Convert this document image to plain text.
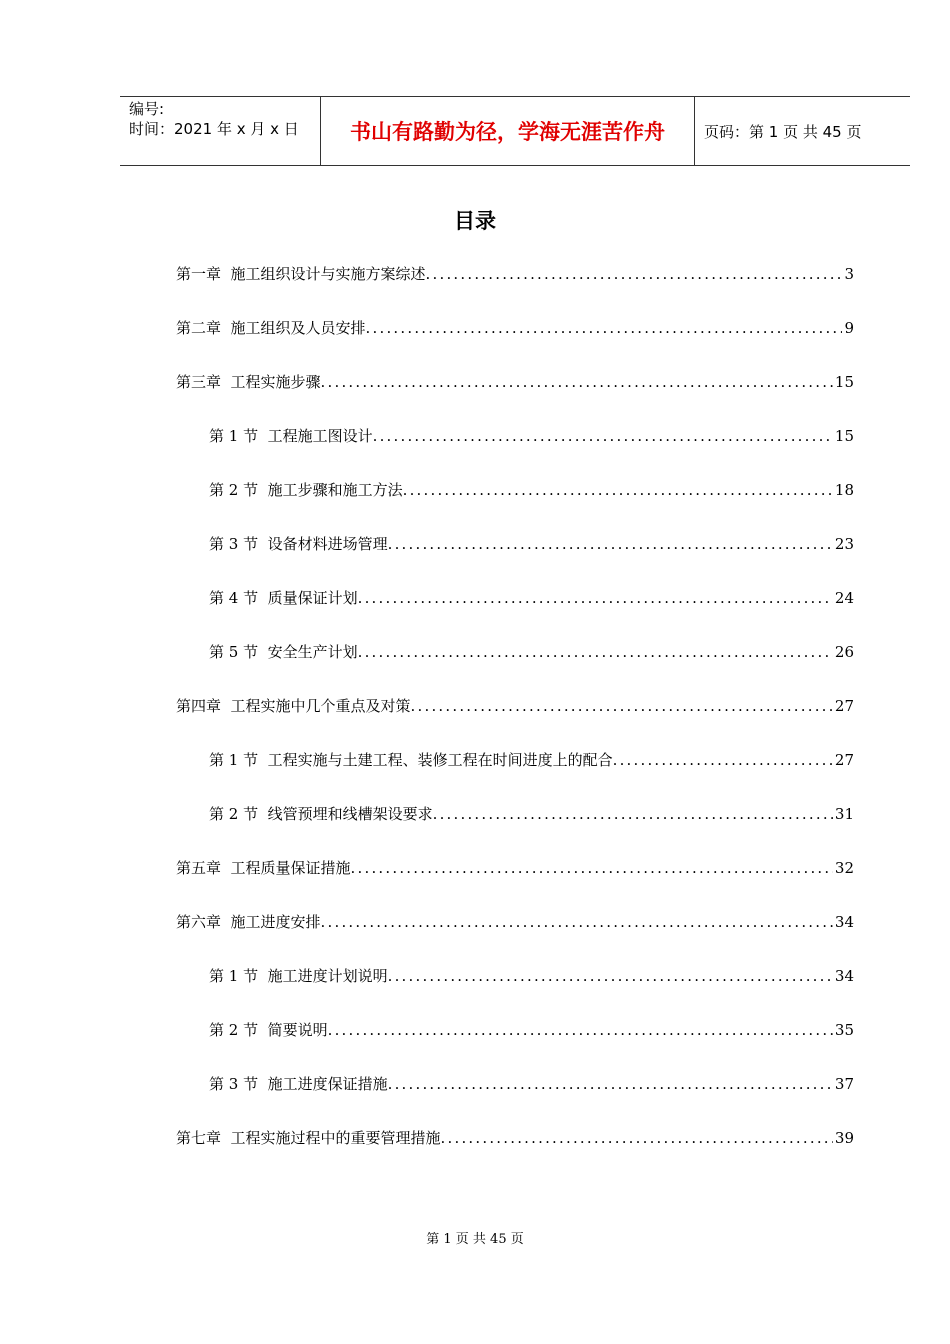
编号:
时间：2021 年 x 月 x 日	书山有路勤为径，学海无涯苦作舟	页码：第 1 页 共 45 页
目录
第一章  施工组织设计与实施方案综述 .....	3
第二章  施工组织及人员安排 .....	9
第三章  工程实施步骤 .....	15
第 1 节  工程施工图设计 .....	15
第 2 节  施工步骤和施工方法 .....	18
第 3 节  设备材料进场管理 .....	23
第 4 节  质量保证计划 .....	24
第 5 节  安全生产计划 .....	26
第四章  工程实施中几个重点及对策 .....	27
第 1 节  工程实施与土建工程、装修工程在时间进度上的配合 .....	27
第 2 节  线管预埋和线槽架设要求 .....	31
第五章  工程质量保证措施 .....	32
第六章  施工进度安排 .....	34
第 1 节  施工进度计划说明 .....	34
第 2 节  简要说明 .....	35
第 3 节  施工进度保证措施 .....	37
第七章  工程实施过程中的重要管理措施 .....	39
第 1 页 共 45 页
